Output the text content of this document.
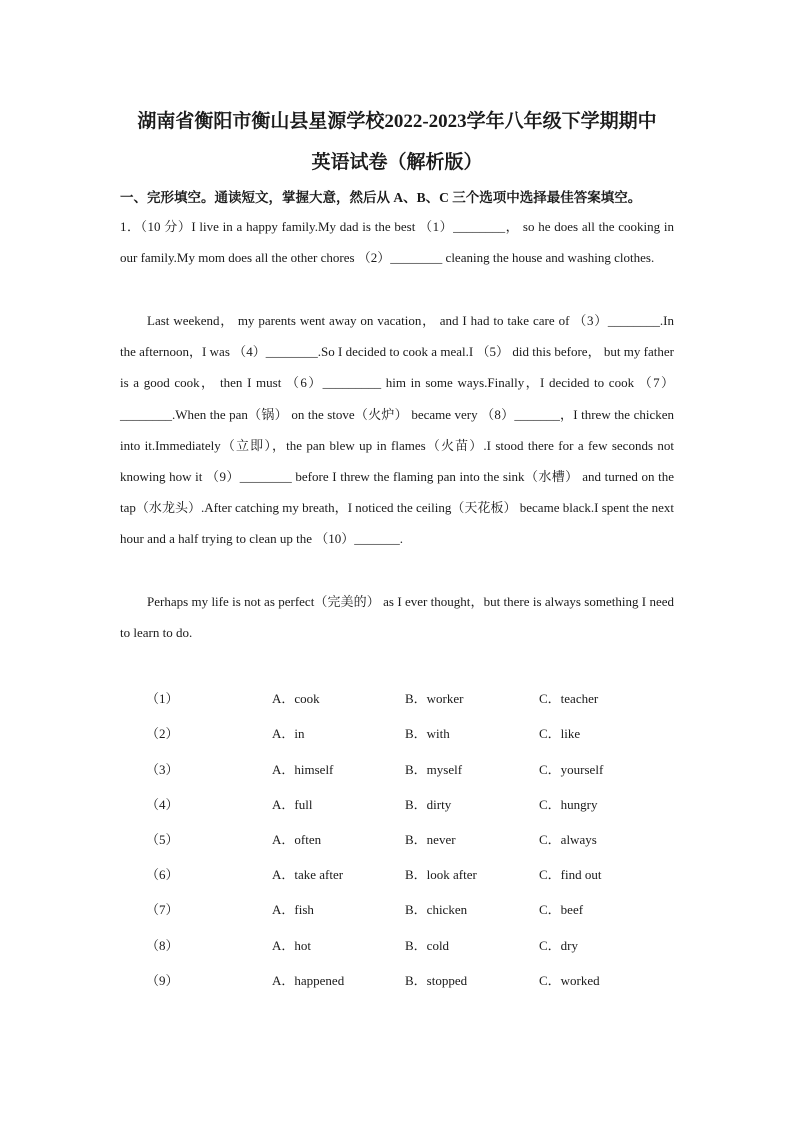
湖南省衡阳市衡山县星源学校2022-2023学年八年级下学期期中
英语试卷（解析版）
一、完形填空。通读短文，掌握大意，然后从 A、B、C 三个选项中选择最佳答案填空。
1．（10 分）I live in a happy family.My dad is the best （1）________， so he does all the cooking in our family.My mom does all the other chores （2）________ cleaning the house and washing clothes.
Last weekend， my parents went away on vacation， and I had to take care of （3）________.In the afternoon，I was （4）________.So I decided to cook a meal.I （5） did this before， but my father is a good cook， then I must （6）_________ him in some ways.Finally，I decided to cook （7）________.When the pan（锅） on the stove（火炉） became very （8）_______，I threw the chicken into it.Immediately（立即），the pan blew up in flames（火苗）.I stood there for a few seconds not knowing how it （9）________ before I threw the flaming pan into the sink（水槽） and turned on the tap（水龙头）.After catching my breath，I noticed the ceiling（天花板） became black.I spent the next hour and a half trying to clean up the （10）_______.
Perhaps my life is not as perfect（完美的） as I ever thought，but there is always something I need to learn to do.
（1）	A．cook	B．worker	C．teacher
（2）	A．in	B．with	C．like
（3）	A．himself	B．myself	C．yourself
（4）	A．full	B．dirty	C．hungry
（5）	A．often	B．never	C．always
（6）	A．take after	B．look after	C．find out
（7）	A．fish	B．chicken	C．beef
（8）	A．hot	B．cold	C．dry
（9）	A．happened	B．stopped	C．worked
